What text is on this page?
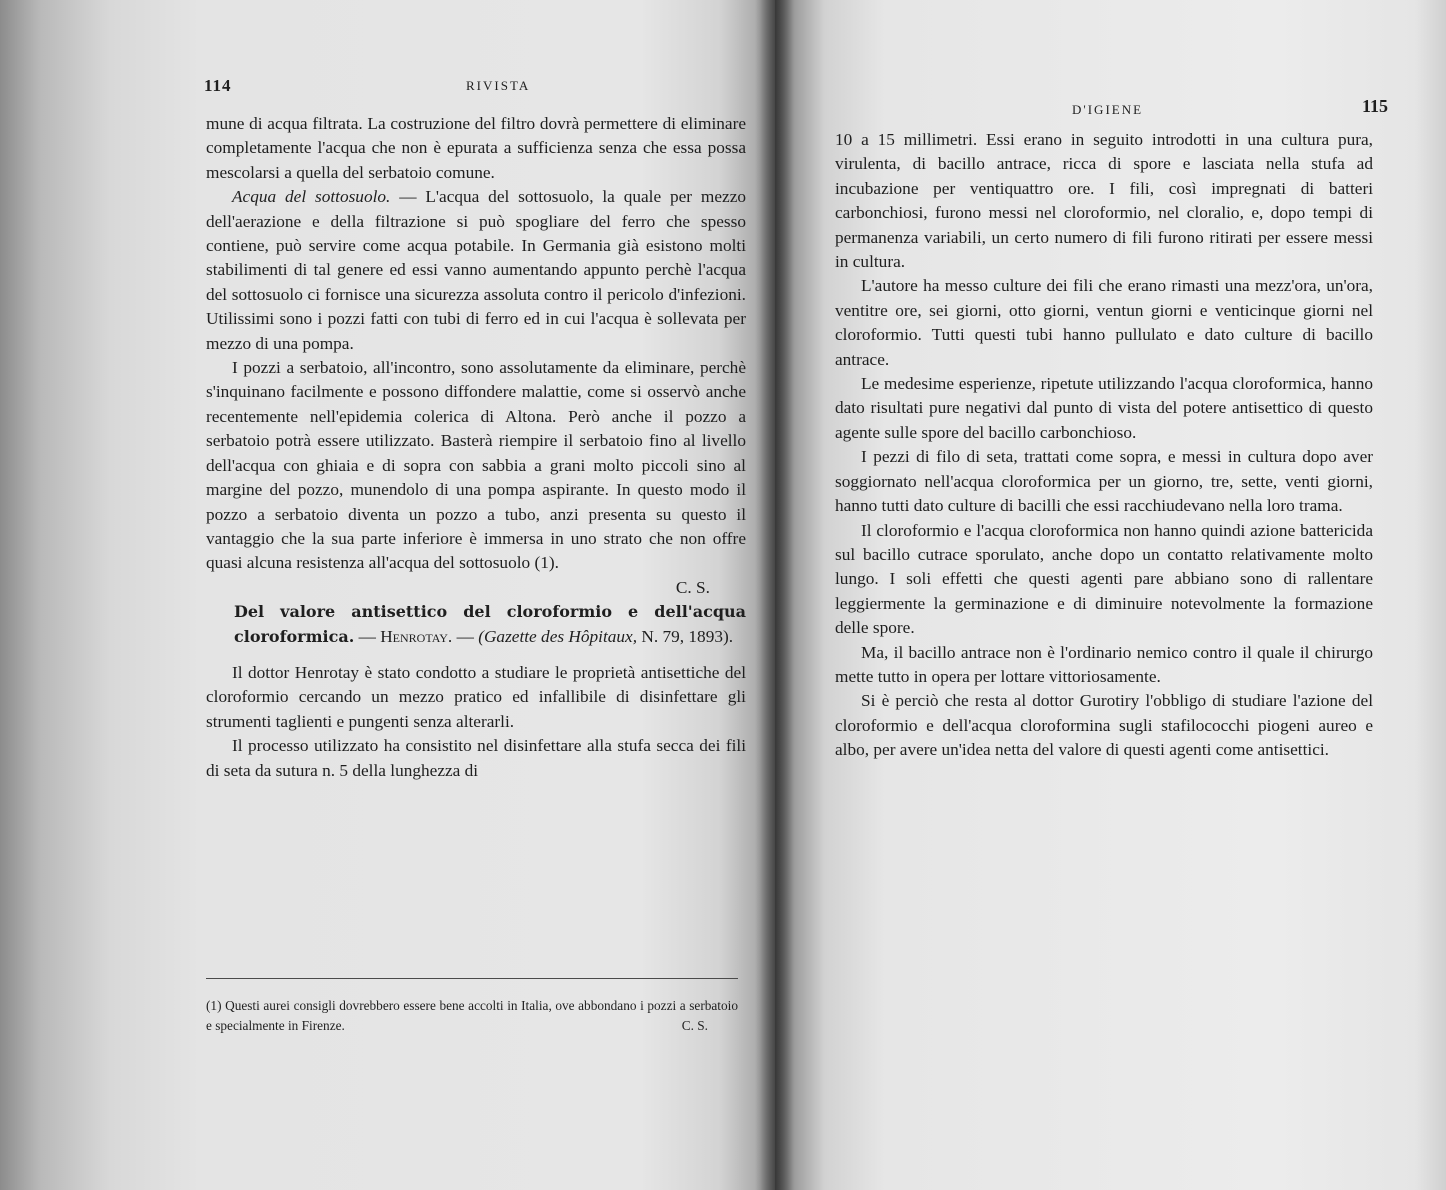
114	RIVISTA

mune di acqua filtrata. La costruzione del filtro dovrà permettere di eliminare completamente l'acqua che non è epurata a sufficienza senza che essa possa mescolarsi a quella del serbatoio comune.

Acqua del sottosuolo. — L'acqua del sottosuolo, la quale per mezzo dell'aerazione e della filtrazione si può spogliare del ferro che spesso contiene, può servire come acqua potabile. In Germania già esistono molti stabilimenti di tal genere ed essi vanno aumentando appunto perchè l'acqua del sottosuolo ci fornisce una sicurezza assoluta contro il pericolo d'infezioni. Utilissimi sono i pozzi fatti con tubi di ferro ed in cui l'acqua è sollevata per mezzo di una pompa.

I pozzi a serbatoio, all'incontro, sono assolutamente da eliminare, perchè s'inquinano facilmente e possono diffondere malattie, come si osservò anche recentemente nell'epidemia colerica di Altona. Però anche il pozzo a serbatoio potrà essere utilizzato. Basterà riempire il serbatoio fino al livello dell'acqua con ghiaia e di sopra con sabbia a grani molto piccoli sino al margine del pozzo, munendolo di una pompa aspirante. In questo modo il pozzo a serbatoio diventa un pozzo a tubo, anzi presenta su questo il vantaggio che la sua parte inferiore è immersa in uno strato che non offre quasi alcuna resistenza all'acqua del sottosuolo (1).

C. S.

Del valore antisettico del cloroformio e dell'acqua cloroformica. — Henrotay. — (Gazette des Hôpitaux, N. 79, 1893).

Il dottor Henrotay è stato condotto a studiare le proprietà antisettiche del cloroformio cercando un mezzo pratico ed infallibile di disinfettare gli strumenti taglienti e pungenti senza alterarli.

Il processo utilizzato ha consistito nel disinfettare alla stufa secca dei fili di seta da sutura n. 5 della lunghezza di

(1) Questi aurei consigli dovrebbero essere bene accolti in Italia, ove abbondano i pozzi a serbatoio e specialmente in Firenze.	C. S.
D'IGIENE	115

10 a 15 millimetri. Essi erano in seguito introdotti in una cultura pura, virulenta, di bacillo antrace, ricca di spore e lasciata nella stufa ad incubazione per ventiquattro ore. I fili, così impregnati di batteri carbonchiosi, furono messi nel cloroformio, nel cloralio, e, dopo tempi di permanenza variabili, un certo numero di fili furono ritirati per essere messi in cultura.

L'autore ha messo culture dei fili che erano rimasti una mezz'ora, un'ora, ventitre ore, sei giorni, otto giorni, ventun giorni e venticinque giorni nel cloroformio. Tutti questi tubi hanno pullulato e dato culture di bacillo antrace.

Le medesime esperienze, ripetute utilizzando l'acqua cloroformica, hanno dato risultati pure negativi dal punto di vista del potere antisettico di questo agente sulle spore del bacillo carbonchioso.

I pezzi di filo di seta, trattati come sopra, e messi in cultura dopo aver soggiornato nell'acqua cloroformica per un giorno, tre, sette, venti giorni, hanno tutti dato culture di bacilli che essi racchiudevano nella loro trama.

Il cloroformio e l'acqua cloroformica non hanno quindi azione battericida sul bacillo cutrace sporulato, anche dopo un contatto relativamente molto lungo. I soli effetti che questi agenti pare abbiano sono di rallentare leggiermente la germinazione e di diminuire notevolmente la formazione delle spore.

Ma, il bacillo antrace non è l'ordinario nemico contro il quale il chirurgo mette tutto in opera per lottare vittoriosamente.

Si è perciò che resta al dottor Gurotiry l'obbligo di studiare l'azione del cloroformio e dell'acqua cloroformina sugli stafilococchi piogeni aureo e albo, per avere un'idea netta del valore di questi agenti come antisettici.
